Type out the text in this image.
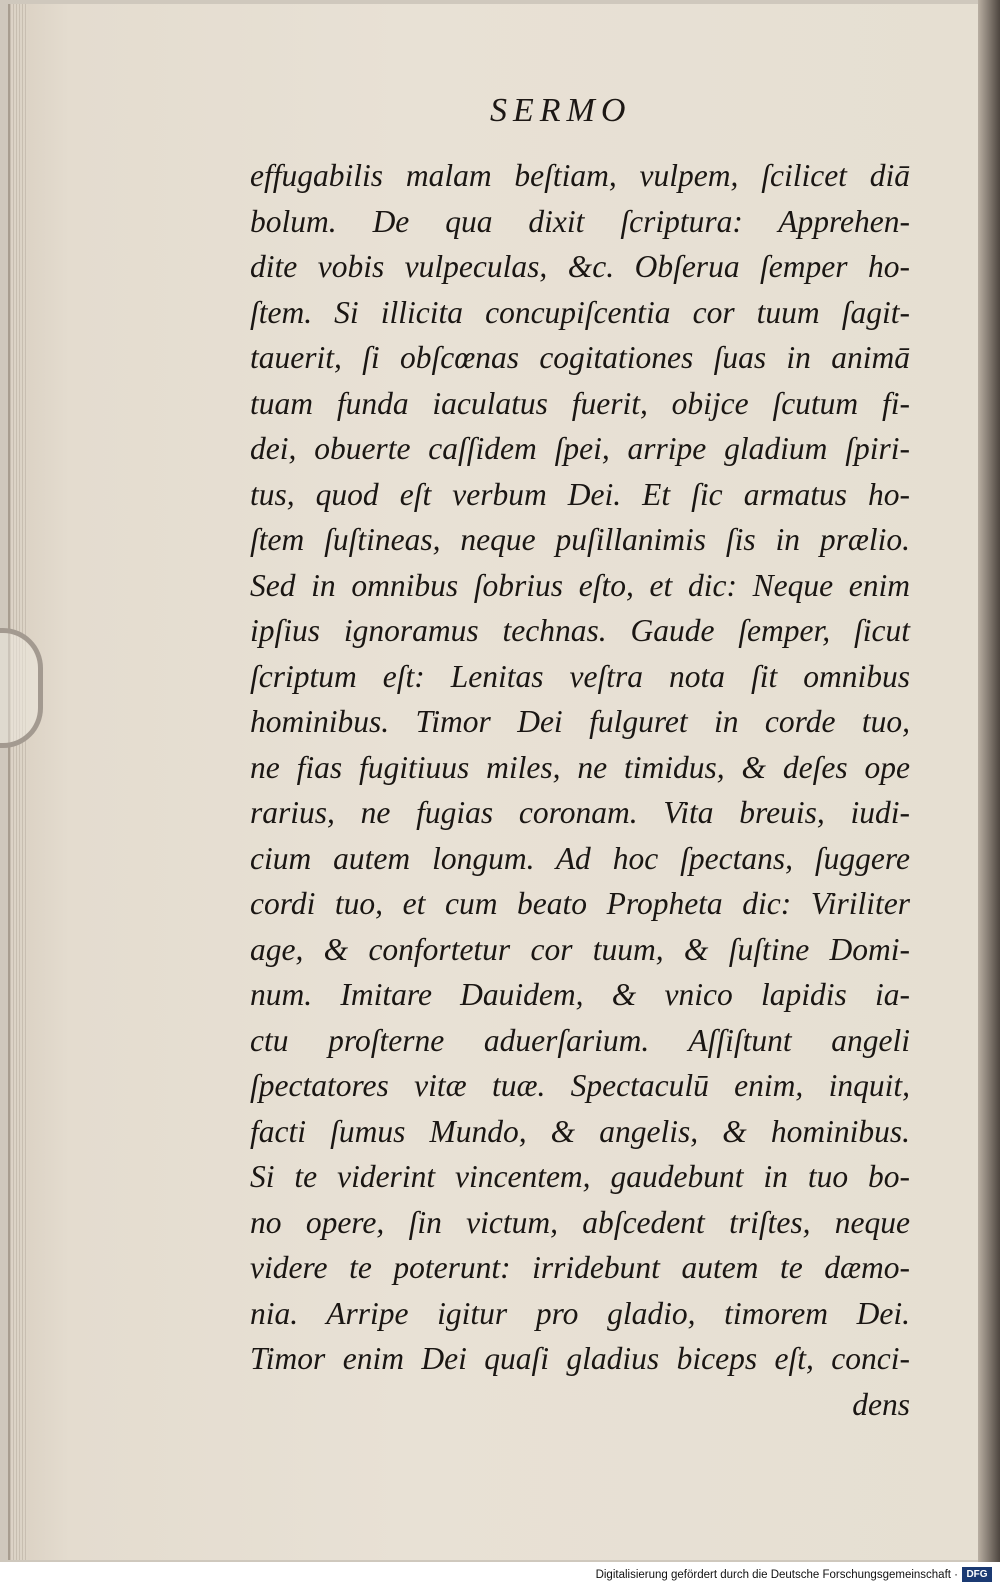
SERMO
effugabilis malam beſtiam, vulpem, ſcilicet diā
bolum. De qua dixit ſcriptura: Apprehen-
dite vobis vulpeculas, &c. Obſerua ſemper ho-
ſtem. Si illicita concupiſcentia cor tuum ſagit-
tauerit, ſi obſcœnas cogitationes ſuas in animā
tuam funda iaculatus fuerit, obijce ſcutum fi-
dei, obuerte caſſidem ſpei, arripe gladium ſpiri-
tus, quod eſt verbum Dei. Et ſic armatus ho-
ſtem ſuſtineas, neque puſillanimis ſis in prælio.
Sed in omnibus ſobrius eſto, et dic: Neque enim
ipſius ignoramus technas. Gaude ſemper, ſicut
ſcriptum eſt: Lenitas veſtra nota ſit omnibus
hominibus. Timor Dei fulguret in corde tuo,
ne fias fugitiuus miles, ne timidus, & deſes ope
rarius, ne fugias coronam. Vita breuis, iudi-
cium autem longum. Ad hoc ſpectans, ſuggere
cordi tuo, et cum beato Propheta dic: Viriliter
age, & confortetur cor tuum, & ſuſtine Domi-
num. Imitare Dauidem, & vnico lapidis ia-
ctu proſterne aduerſarium. Aſſiſtunt angeli
ſpectatores vitæ tuæ. Spectaculū enim, inquit,
facti ſumus Mundo, & angelis, & hominibus.
Si te viderint vincentem, gaudebunt in tuo bo-
no opere, ſin victum, abſcedent triſtes, neque
videre te poterunt: irridebunt autem te dæmo-
nia. Arripe igitur pro gladio, timorem Dei.
Timor enim Dei quaſi gladius biceps eſt, conci-
dens
Digitalisierung gefördert durch die Deutsche Forschungsgemeinschaft · DFG
